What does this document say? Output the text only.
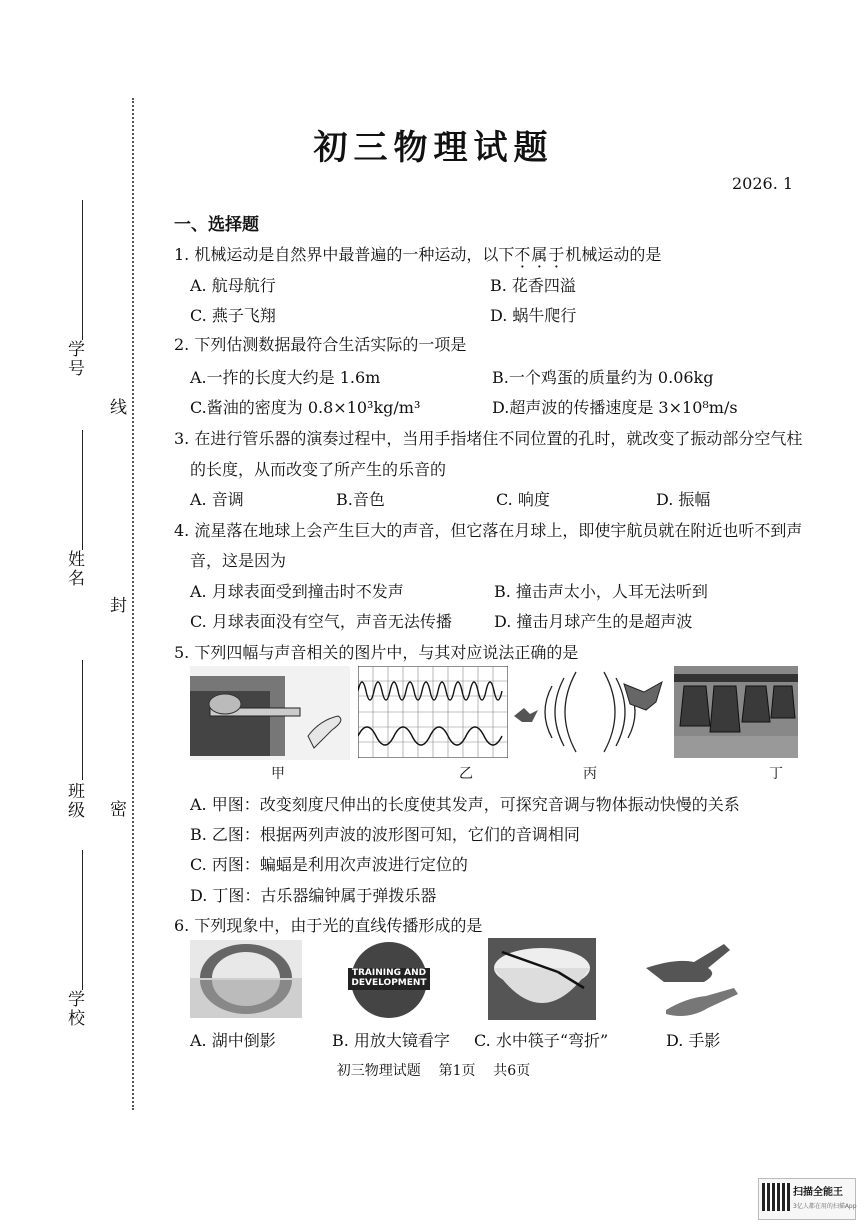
学号
姓名
班级
学校
线
封
密
初三物理试题
2026. 1
一、选择题
1. 机械运动是自然界中最普遍的一种运动，以下不属于机械运动的是
A. 航母航行	B. 花香四溢
C. 燕子飞翔	D. 蜗牛爬行
2. 下列估测数据最符合生活实际的一项是
A.一拃的长度大约是 1.6m	B.一个鸡蛋的质量约为 0.06kg
C.酱油的密度为 0.8×10³kg/m³	D.超声波的传播速度是 3×10⁸m/s
3. 在进行管乐器的演奏过程中，当用手指堵住不同位置的孔时，就改变了振动部分空气柱
的长度，从而改变了所产生的乐音的
A. 音调	B.音色	C. 响度	D. 振幅
4. 流星落在地球上会产生巨大的声音，但它落在月球上，即使宇航员就在附近也听不到声
音，这是因为
A. 月球表面受到撞击时不发声	B. 撞击声太小，人耳无法听到
C. 月球表面没有空气，声音无法传播	D. 撞击月球产生的是超声波
5. 下列四幅与声音相关的图片中，与其对应说法正确的是
甲	乙	丙	丁
A. 甲图：改变刻度尺伸出的长度使其发声，可探究音调与物体振动快慢的关系
B. 乙图：根据两列声波的波形图可知，它们的音调相同
C. 丙图：蝙蝠是利用次声波进行定位的
D. 丁图：古乐器编钟属于弹拨乐器
6. 下列现象中，由于光的直线传播形成的是
TRAINING AND DEVELOPMENT
A. 湖中倒影	B. 用放大镜看字 C. 水中筷子“弯折”	D. 手影
初三物理试题    第1页    共6页
扫描全能王
3亿人都在用的扫描App
